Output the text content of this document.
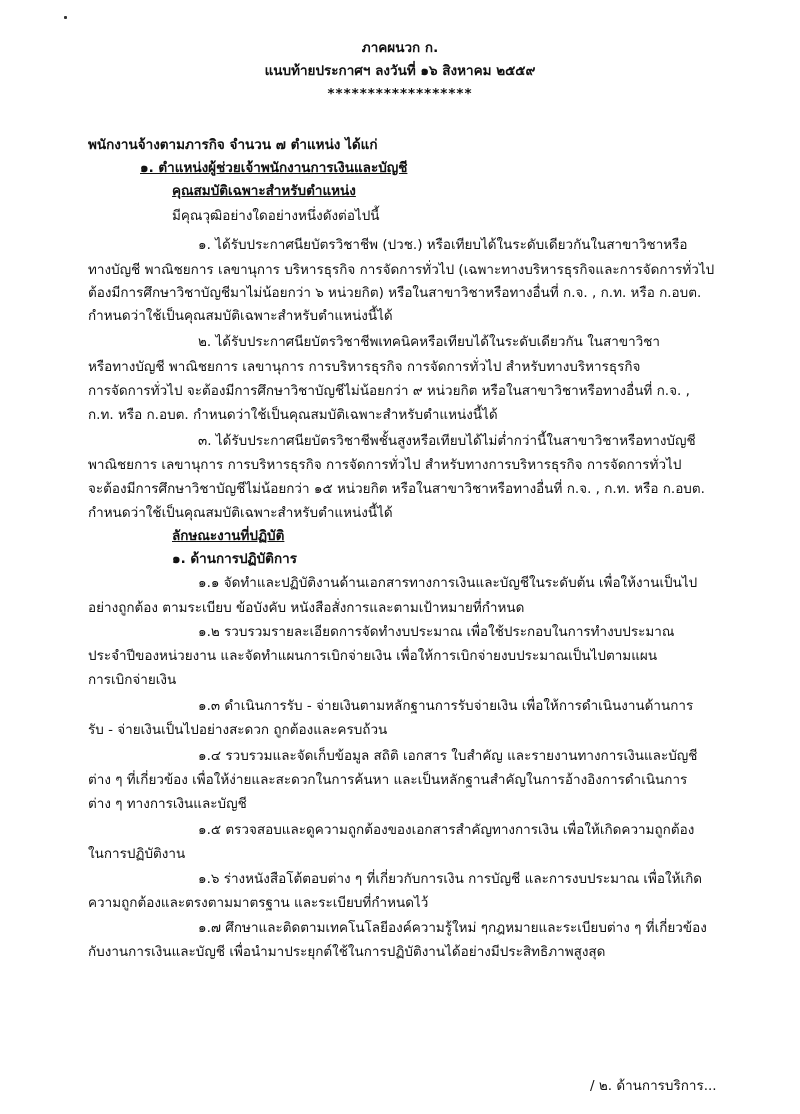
ภาคผนวก ก.
แนบท้ายประกาศฯ ลงวันที่ ๑๖ สิงหาคม ๒๕๕๙
******************
พนักงานจ้างตามภารกิจ จำนวน ๗ ตำแหน่ง ได้แก่
๑. ตำแหน่งผู้ช่วยเจ้าพนักงานการเงินและบัญชี
คุณสมบัติเฉพาะสำหรับตำแหน่ง
มีคุณวุฒิอย่างใดอย่างหนึ่งดังต่อไปนี้
๑. ได้รับประกาศนียบัตรวิชาชีพ (ปวช.) หรือเทียบได้ในระดับเดียวกันในสาขาวิชาหรือ
ทางบัญชี พาณิชยการ เลขานุการ บริหารธุรกิจ การจัดการทั่วไป (เฉพาะทางบริหารธุรกิจและการจัดการทั่วไป
ต้องมีการศึกษาวิชาบัญชีมาไม่น้อยกว่า ๖ หน่วยกิต) หรือในสาขาวิชาหรือทางอื่นที่ ก.จ. , ก.ท. หรือ ก.อบต.
กำหนดว่าใช้เป็นคุณสมบัติเฉพาะสำหรับตำแหน่งนี้ได้
๒. ได้รับประกาศนียบัตรวิชาชีพเทคนิคหรือเทียบได้ในระดับเดียวกัน ในสาขาวิชา
หรือทางบัญชี พาณิชยการ เลขานุการ การบริหารธุรกิจ การจัดการทั่วไป สำหรับทางบริหารธุรกิจ
การจัดการทั่วไป จะต้องมีการศึกษาวิชาบัญชีไม่น้อยกว่า ๙ หน่วยกิต หรือในสาขาวิชาหรือทางอื่นที่ ก.จ. ,
ก.ท. หรือ ก.อบต. กำหนดว่าใช้เป็นคุณสมบัติเฉพาะสำหรับตำแหน่งนี้ได้
๓. ได้รับประกาศนียบัตรวิชาชีพชั้นสูงหรือเทียบได้ไม่ต่ำกว่านี้ในสาขาวิชาหรือทางบัญชี
พาณิชยการ เลขานุการ การบริหารธุรกิจ การจัดการทั่วไป สำหรับทางการบริหารธุรกิจ การจัดการทั่วไป
จะต้องมีการศึกษาวิชาบัญชีไม่น้อยกว่า ๑๕ หน่วยกิต หรือในสาขาวิชาหรือทางอื่นที่ ก.จ. , ก.ท. หรือ ก.อบต.
กำหนดว่าใช้เป็นคุณสมบัติเฉพาะสำหรับตำแหน่งนี้ได้
ลักษณะงานที่ปฏิบัติ
๑. ด้านการปฏิบัติการ
๑.๑ จัดทำและปฏิบัติงานด้านเอกสารทางการเงินและบัญชีในระดับต้น เพื่อให้งานเป็นไป
อย่างถูกต้อง ตามระเบียบ ข้อบังคับ หนังสือสั่งการและตามเป้าหมายที่กำหนด
๑.๒ รวบรวมรายละเอียดการจัดทำงบประมาณ เพื่อใช้ประกอบในการทำงบประมาณ
ประจำปีของหน่วยงาน และจัดทำแผนการเบิกจ่ายเงิน เพื่อให้การเบิกจ่ายงบประมาณเป็นไปตามแผน
การเบิกจ่ายเงิน
๑.๓ ดำเนินการรับ - จ่ายเงินตามหลักฐานการรับจ่ายเงิน เพื่อให้การดำเนินงานด้านการ
รับ - จ่ายเงินเป็นไปอย่างสะดวก ถูกต้องและครบถ้วน
๑.๔ รวบรวมและจัดเก็บข้อมูล สถิติ เอกสาร ใบสำคัญ และรายงานทางการเงินและบัญชี
ต่าง ๆ ที่เกี่ยวข้อง เพื่อให้ง่ายและสะดวกในการค้นหา และเป็นหลักฐานสำคัญในการอ้างอิงการดำเนินการ
ต่าง ๆ ทางการเงินและบัญชี
๑.๕ ตรวจสอบและดูความถูกต้องของเอกสารสำคัญทางการเงิน เพื่อให้เกิดความถูกต้อง
ในการปฏิบัติงาน
๑.๖ ร่างหนังสือโต้ตอบต่าง ๆ ที่เกี่ยวกับการเงิน การบัญชี และการงบประมาณ เพื่อให้เกิด
ความถูกต้องและตรงตามมาตรฐาน และระเบียบที่กำหนดไว้
๑.๗ ศึกษาและติดตามเทคโนโลยีองค์ความรู้ใหม่ ๆกฎหมายและระเบียบต่าง ๆ ที่เกี่ยวข้อง
กับงานการเงินและบัญชี เพื่อนำมาประยุกต์ใช้ในการปฏิบัติงานได้อย่างมีประสิทธิภาพสูงสุด
/ ๒. ด้านการบริการ...
